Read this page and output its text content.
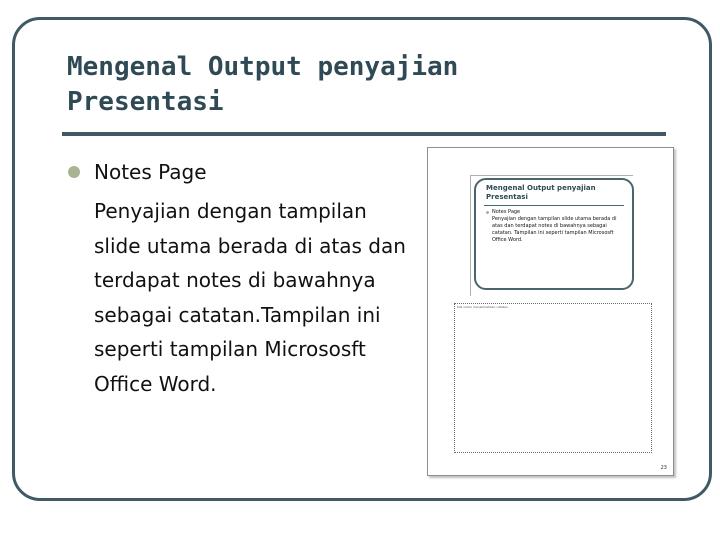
Mengenal Output penyajian Presentasi

Notes Page

Penyajian dengan tampilan slide utama berada di atas dan terdapat notes di bawahnya sebagai catatan.Tampilan ini seperti tampilan Micrososft Office Word.

Mengenal Output penyajian Presentasi

Notes Page

Penyajian dengan tampilan slide utama berada di atas dan terdapat notes di bawahnya sebagai catatan. Tampilan ini seperti tampilan Micrososft Office Word.

Klik untuk menambahkan catatan

23
